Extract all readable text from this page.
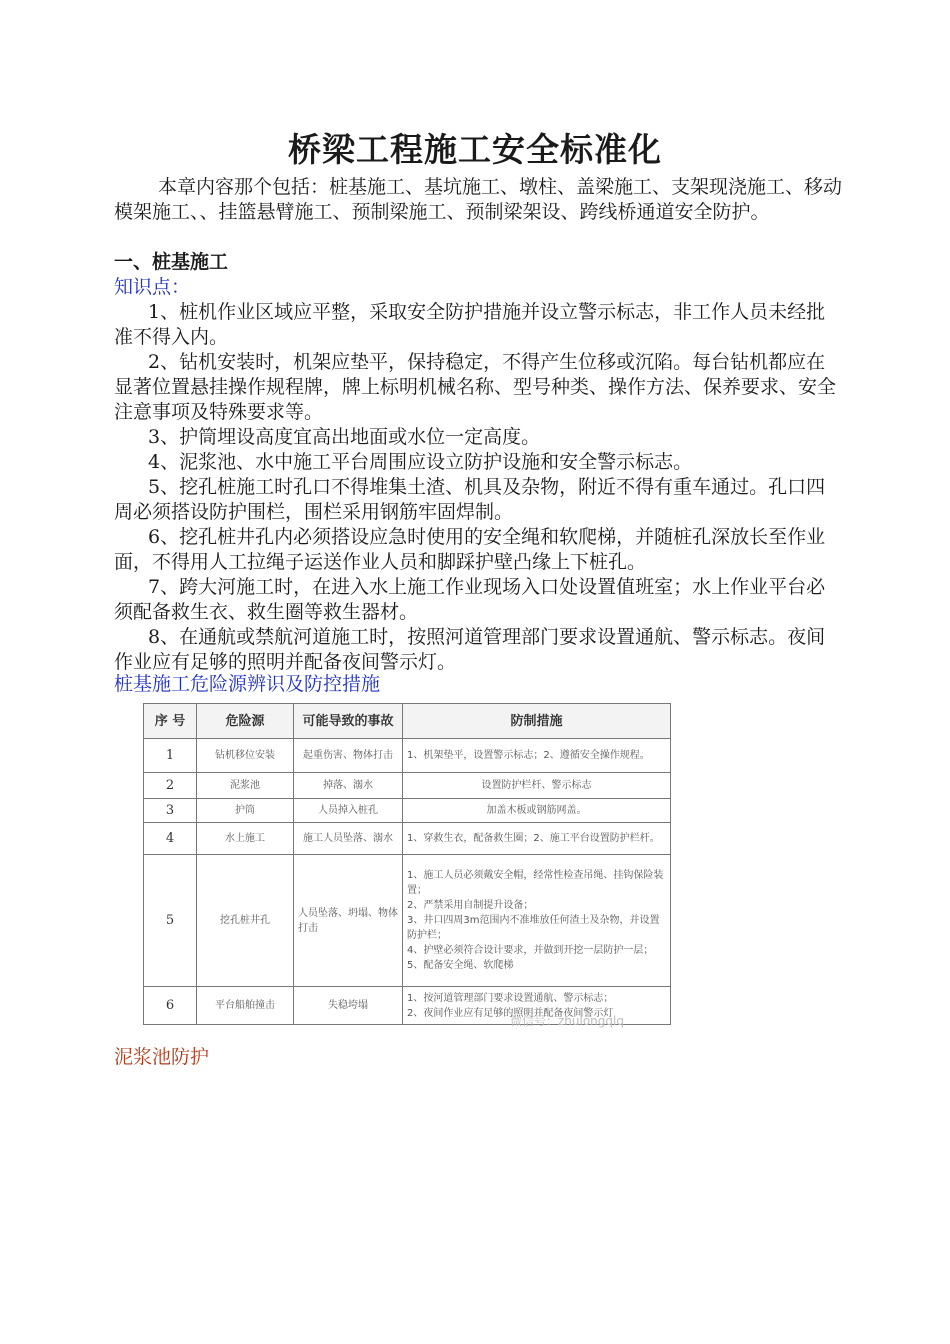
桥梁工程施工安全标准化
本章内容那个包括：桩基施工、基坑施工、墩柱、盖梁施工、支架现浇施工、移动模架施工、、挂篮悬臂施工、预制梁施工、预制梁架设、跨线桥通道安全防护。
一、桩基施工
知识点：

1、桩机作业区域应平整，采取安全防护措施并设立警示标志，非工作人员未经批准不得入内。

2、钻机安装时，机架应垫平，保持稳定，不得产生位移或沉陷。每台钻机都应在显著位置悬挂操作规程牌，牌上标明机械名称、型号种类、操作方法、保养要求、安全注意事项及特殊要求等。

3、护筒埋设高度宜高出地面或水位一定高度。

4、泥浆池、水中施工平台周围应设立防护设施和安全警示标志。

5、挖孔桩施工时孔口不得堆集土渣、机具及杂物，附近不得有重车通过。孔口四周必须搭设防护围栏，围栏采用钢筋牢固焊制。

6、挖孔桩井孔内必须搭设应急时使用的安全绳和软爬梯，并随桩孔深放长至作业面，不得用人工拉绳子运送作业人员和脚踩护壁凸缘上下桩孔。

7、跨大河施工时，在进入水上施工作业现场入口处设置值班室；水上作业平台必须配备救生衣、救生圈等救生器材。

8、在通航或禁航河道施工时，按照河道管理部门要求设置通航、警示标志。夜间作业应有足够的照明并配备夜间警示灯。

桩基施工危险源辨识及防控措施
序 号	危险源	可能导致的事故	防制措施
1	钻机移位安装	起重伤害、物体打击	1、机架垫平，设置警示标志；2、遵循安全操作规程。

2	泥浆池	掉落、溺水	设置防护栏杆、警示标志

3	护筒	人员掉入桩孔	加盖木板或钢筋网盖。

4	水上施工	施工人员坠落、溺水	1、穿救生衣，配备救生圈；2、施工平台设置防护栏杆。

5	挖孔桩井孔	人员坠落、坍塌、物体打击	1、施工人员必须戴安全帽，经常性检查吊绳、挂钩保险装置；
2、严禁采用自制提升设备；
3、井口四周3m范围内不准堆放任何渣土及杂物，并设置防护栏；
4、护壁必须符合设计要求，并做到开挖一层防护一层；
5、配备安全绳、软爬梯

6	平台船舶撞击	失稳垮塌	1、按河道管理部门要求设置通航、警示标志；
2、夜间作业应有足够的照明并配备夜间警示灯
微信号：zhulongqlq
泥浆池防护
